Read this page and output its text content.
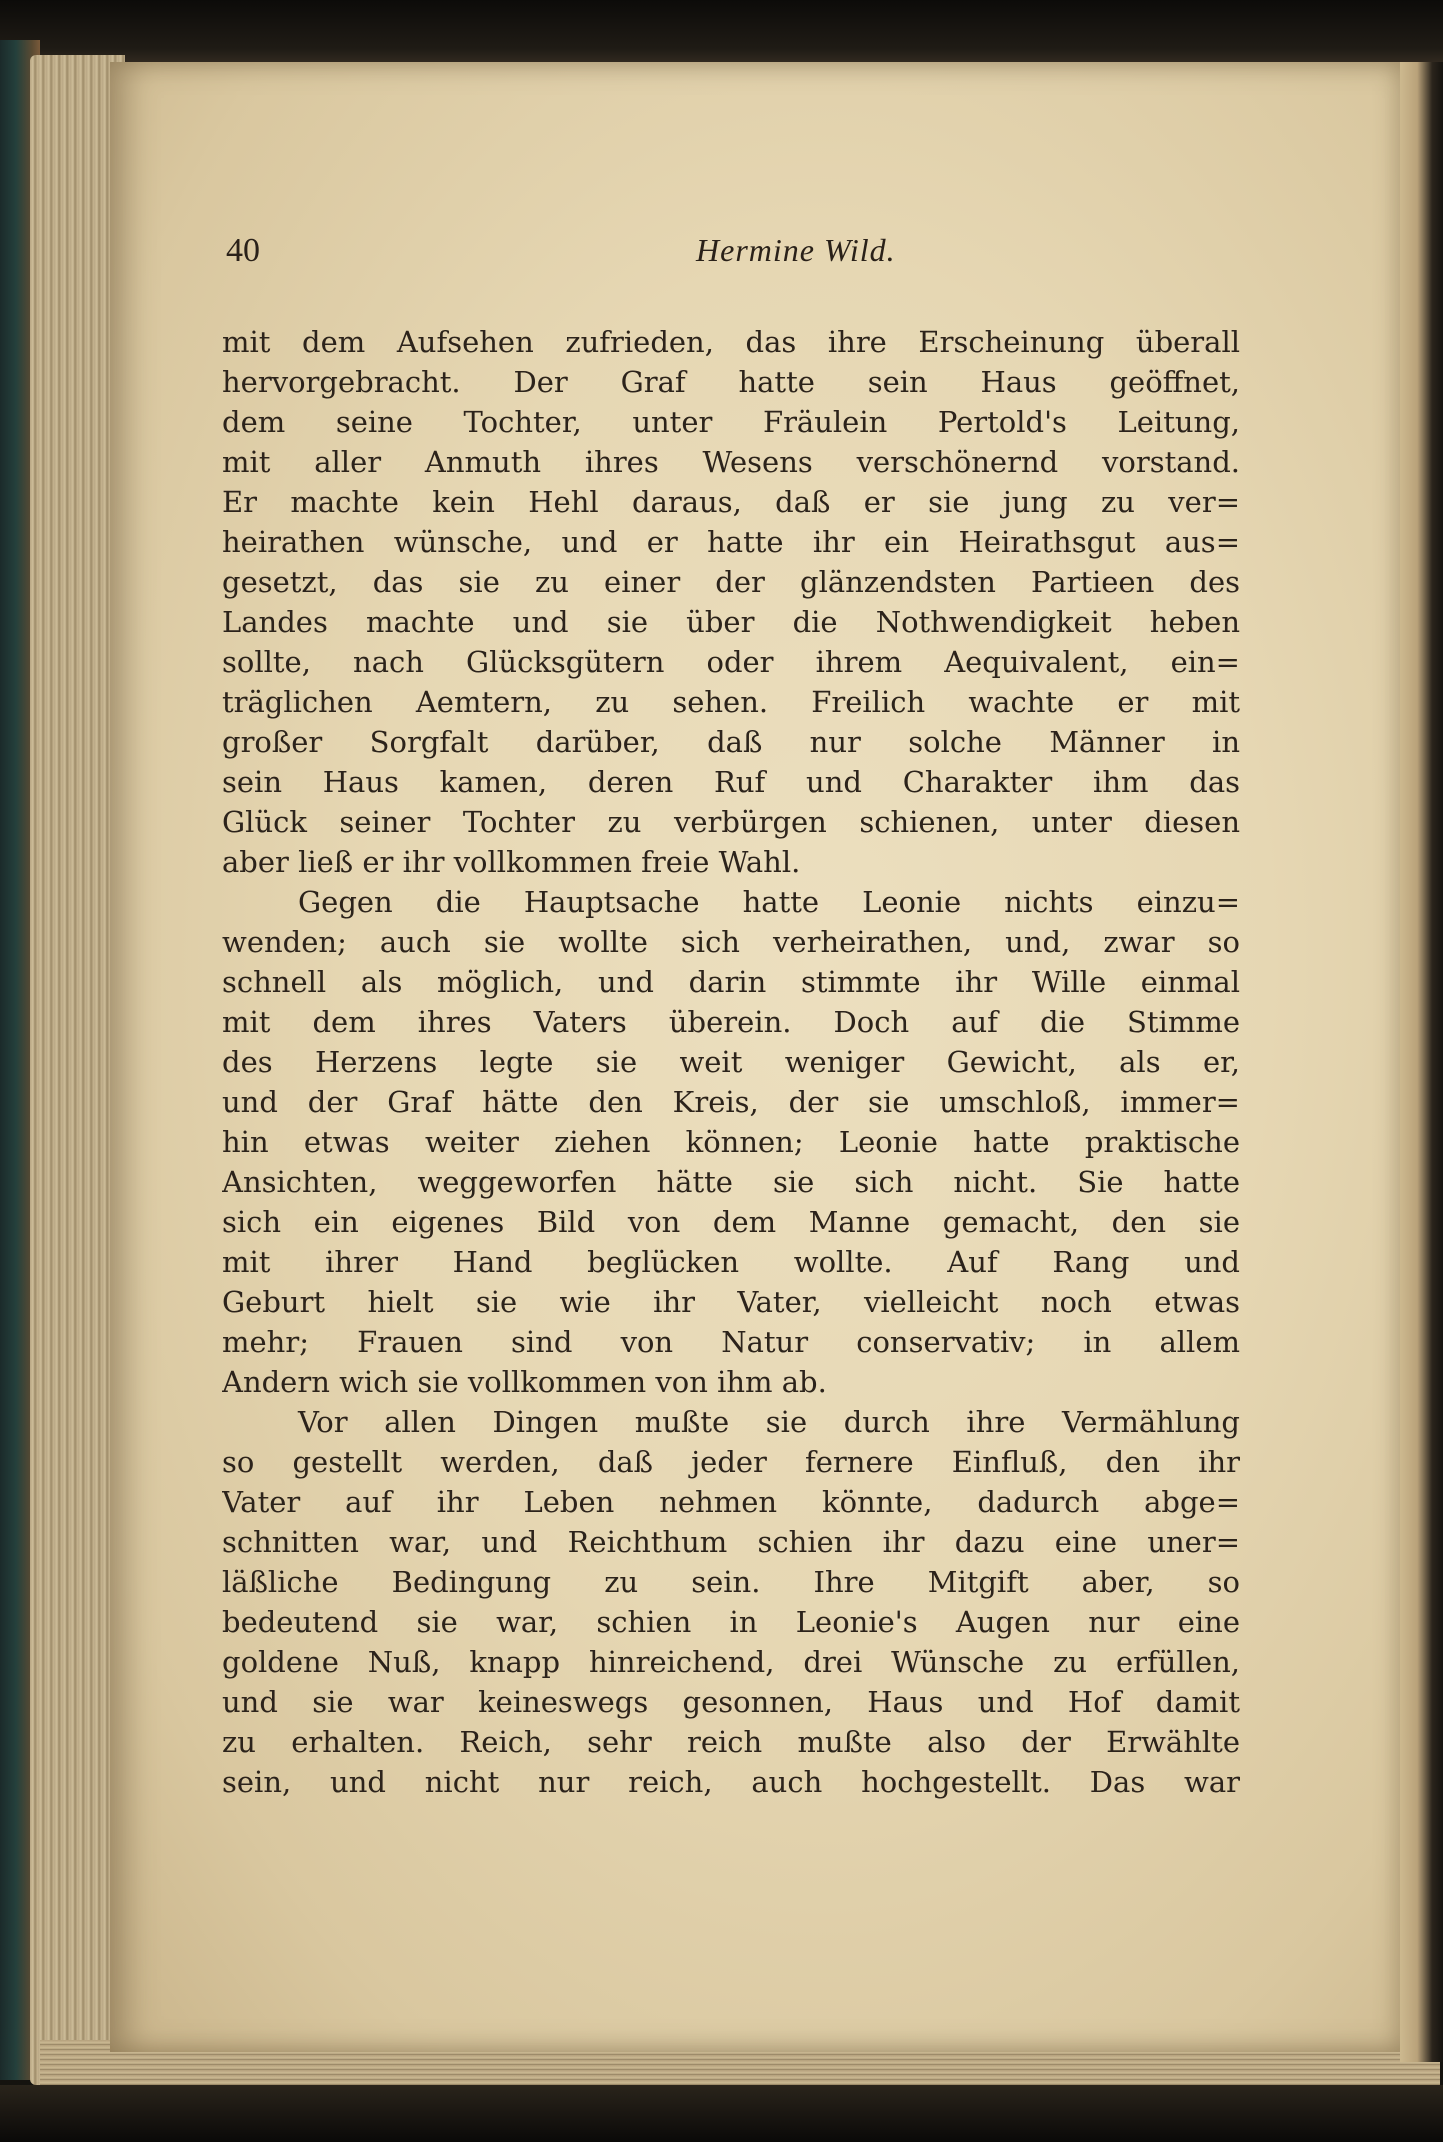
40	Hermine Wild.
mit dem Aufsehen zufrieden, das ihre Erscheinung überall
hervorgebracht. Der Graf hatte sein Haus geöffnet,
dem seine Tochter, unter Fräulein Pertold's Leitung,
mit aller Anmuth ihres Wesens verschönernd vorstand.
Er machte kein Hehl daraus, daß er sie jung zu ver=
heirathen wünsche, und er hatte ihr ein Heirathsgut aus=
gesetzt, das sie zu einer der glänzendsten Partieen des
Landes machte und sie über die Nothwendigkeit heben
sollte, nach Glücksgütern oder ihrem Aequivalent, ein=
träglichen Aemtern, zu sehen. Freilich wachte er mit
großer Sorgfalt darüber, daß nur solche Männer in
sein Haus kamen, deren Ruf und Charakter ihm das
Glück seiner Tochter zu verbürgen schienen, unter diesen
aber ließ er ihr vollkommen freie Wahl.
Gegen die Hauptsache hatte Leonie nichts einzu=
wenden; auch sie wollte sich verheirathen, und, zwar so
schnell als möglich, und darin stimmte ihr Wille einmal
mit dem ihres Vaters überein. Doch auf die Stimme
des Herzens legte sie weit weniger Gewicht, als er,
und der Graf hätte den Kreis, der sie umschloß, immer=
hin etwas weiter ziehen können; Leonie hatte praktische
Ansichten, weggeworfen hätte sie sich nicht. Sie hatte
sich ein eigenes Bild von dem Manne gemacht, den sie
mit ihrer Hand beglücken wollte. Auf Rang und
Geburt hielt sie wie ihr Vater, vielleicht noch etwas
mehr; Frauen sind von Natur conservativ; in allem
Andern wich sie vollkommen von ihm ab.
Vor allen Dingen mußte sie durch ihre Vermählung
so gestellt werden, daß jeder fernere Einfluß, den ihr
Vater auf ihr Leben nehmen könnte, dadurch abge=
schnitten war, und Reichthum schien ihr dazu eine uner=
läßliche Bedingung zu sein. Ihre Mitgift aber, so
bedeutend sie war, schien in Leonie's Augen nur eine
goldene Nuß, knapp hinreichend, drei Wünsche zu erfüllen,
und sie war keineswegs gesonnen, Haus und Hof damit
zu erhalten. Reich, sehr reich mußte also der Erwählte
sein, und nicht nur reich, auch hochgestellt. Das war
